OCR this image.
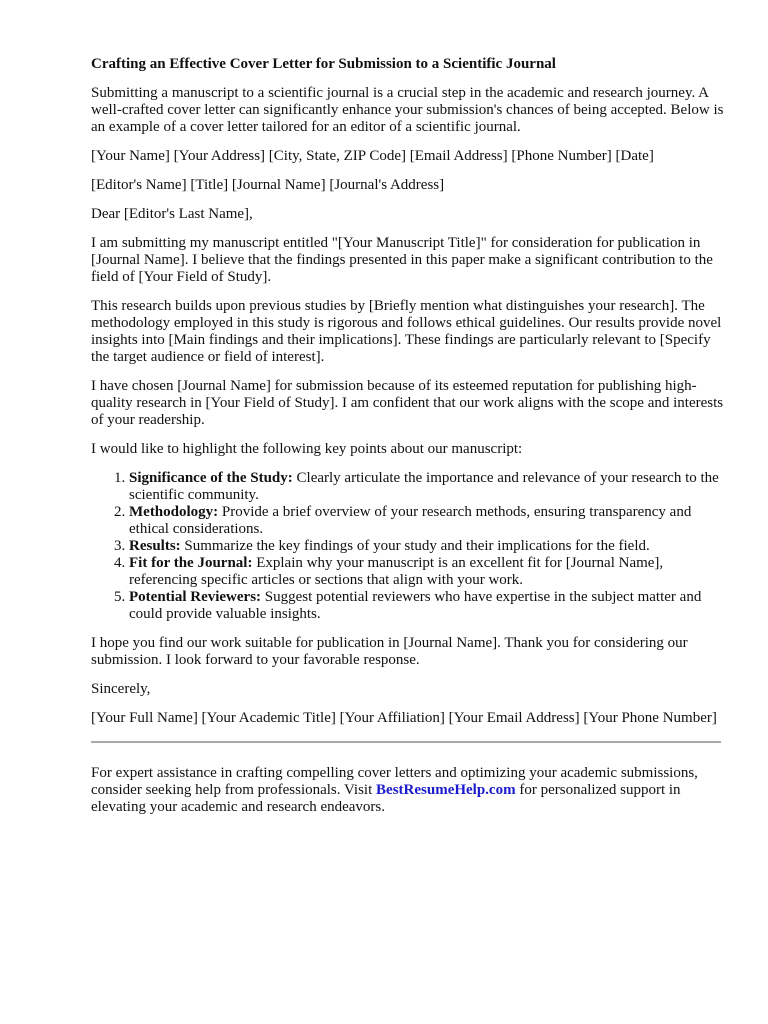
Crafting an Effective Cover Letter for Submission to a Scientific Journal

Submitting a manuscript to a scientific journal is a crucial step in the academic and research journey. A well-crafted cover letter can significantly enhance your submission's chances of being accepted. Below is an example of a cover letter tailored for an editor of a scientific journal.

[Your Name] [Your Address] [City, State, ZIP Code] [Email Address] [Phone Number] [Date]

[Editor's Name] [Title] [Journal Name] [Journal's Address]

Dear [Editor's Last Name],

I am submitting my manuscript entitled "[Your Manuscript Title]" for consideration for publication in [Journal Name]. I believe that the findings presented in this paper make a significant contribution to the field of [Your Field of Study].

This research builds upon previous studies by [Briefly mention what distinguishes your research]. The methodology employed in this study is rigorous and follows ethical guidelines. Our results provide novel insights into [Main findings and their implications]. These findings are particularly relevant to [Specify the target audience or field of interest].

I have chosen [Journal Name] for submission because of its esteemed reputation for publishing high-quality research in [Your Field of Study]. I am confident that our work aligns with the scope and interests of your readership.

I would like to highlight the following key points about our manuscript:

1. Significance of the Study: Clearly articulate the importance and relevance of your research to the scientific community.
2. Methodology: Provide a brief overview of your research methods, ensuring transparency and ethical considerations.
3. Results: Summarize the key findings of your study and their implications for the field.
4. Fit for the Journal: Explain why your manuscript is an excellent fit for [Journal Name], referencing specific articles or sections that align with your work.
5. Potential Reviewers: Suggest potential reviewers who have expertise in the subject matter and could provide valuable insights.

I hope you find our work suitable for publication in [Journal Name]. Thank you for considering our submission. I look forward to your favorable response.

Sincerely,

[Your Full Name] [Your Academic Title] [Your Affiliation] [Your Email Address] [Your Phone Number]

For expert assistance in crafting compelling cover letters and optimizing your academic submissions, consider seeking help from professionals. Visit BestResumeHelp.com for personalized support in elevating your academic and research endeavors.
